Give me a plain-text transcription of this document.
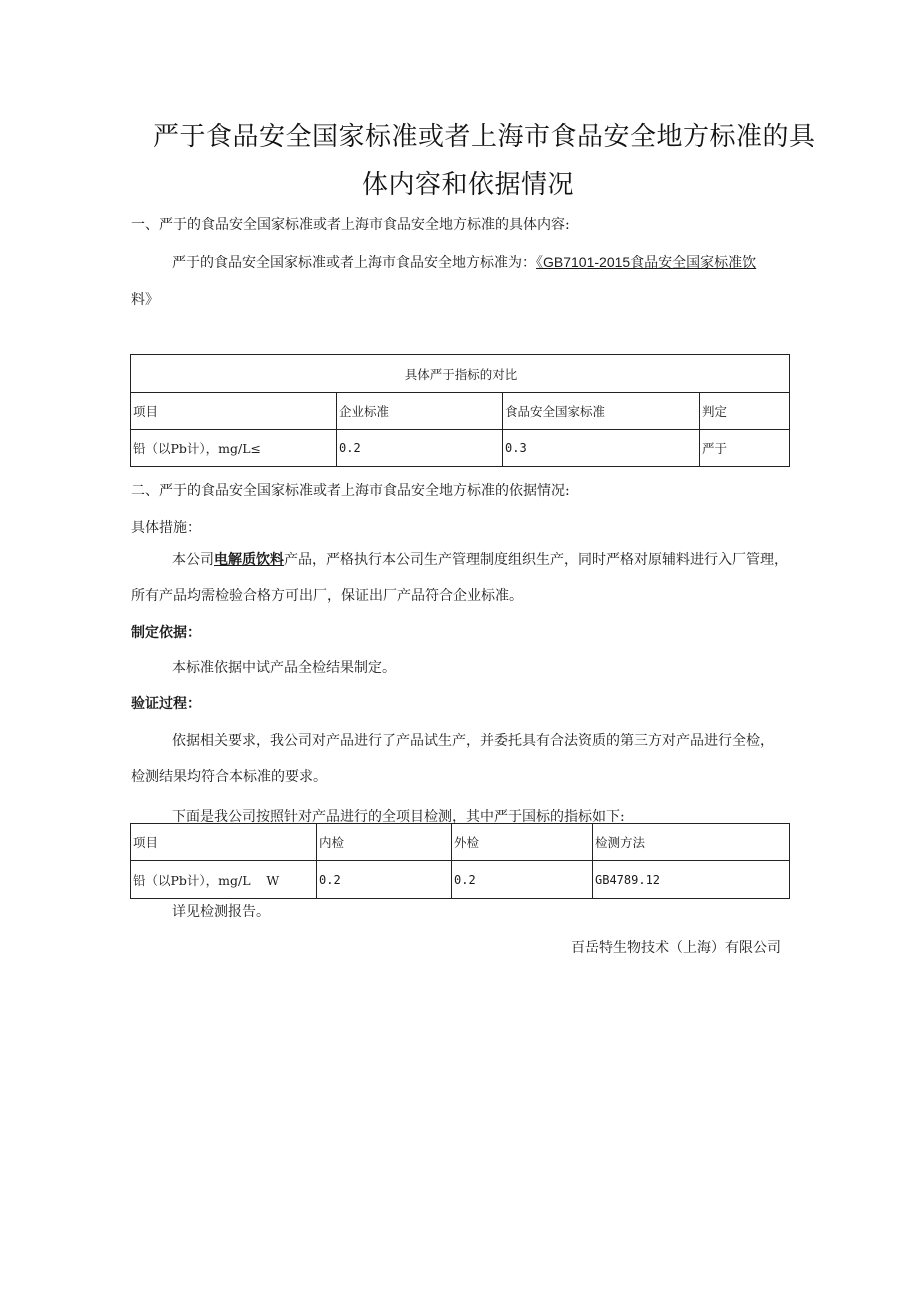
严于食品安全国家标准或者上海市食品安全地方标准的具
体内容和依据情况
一、严于的食品安全国家标准或者上海市食品安全地方标准的具体内容:
严于的食品安全国家标准或者上海市食品安全地方标准为：《GB7101-2015食品安全国家标准饮
料》
具体严于指标的对比			
项目	企业标准	食品安全国家标准	判定
铅（以Pb计），mg/L≤	0.2	0.3	严于
二、严于的食品安全国家标准或者上海市食品安全地方标准的依据情况:
具体措施：
本公司电解质饮料产品，严格执行本公司生产管理制度组织生产，同时严格对原辅料进行入厂管理，
所有产品均需检验合格方可出厂，保证出厂产品符合企业标准。
制定依据：
本标准依据中试产品全检结果制定。
验证过程：
依据相关要求，我公司对产品进行了产品试生产，并委托具有合法资质的第三方对产品进行全检，
检测结果均符合本标准的要求。
下面是我公司按照针对产品进行的全项目检测，其中严于国标的指标如下:
项目	内检	外检	检测方法
铅（以Pb计），mg/L    W	0.2	0.2	GB4789.12
详见检测报告。
百岳特生物技术（上海）有限公司
